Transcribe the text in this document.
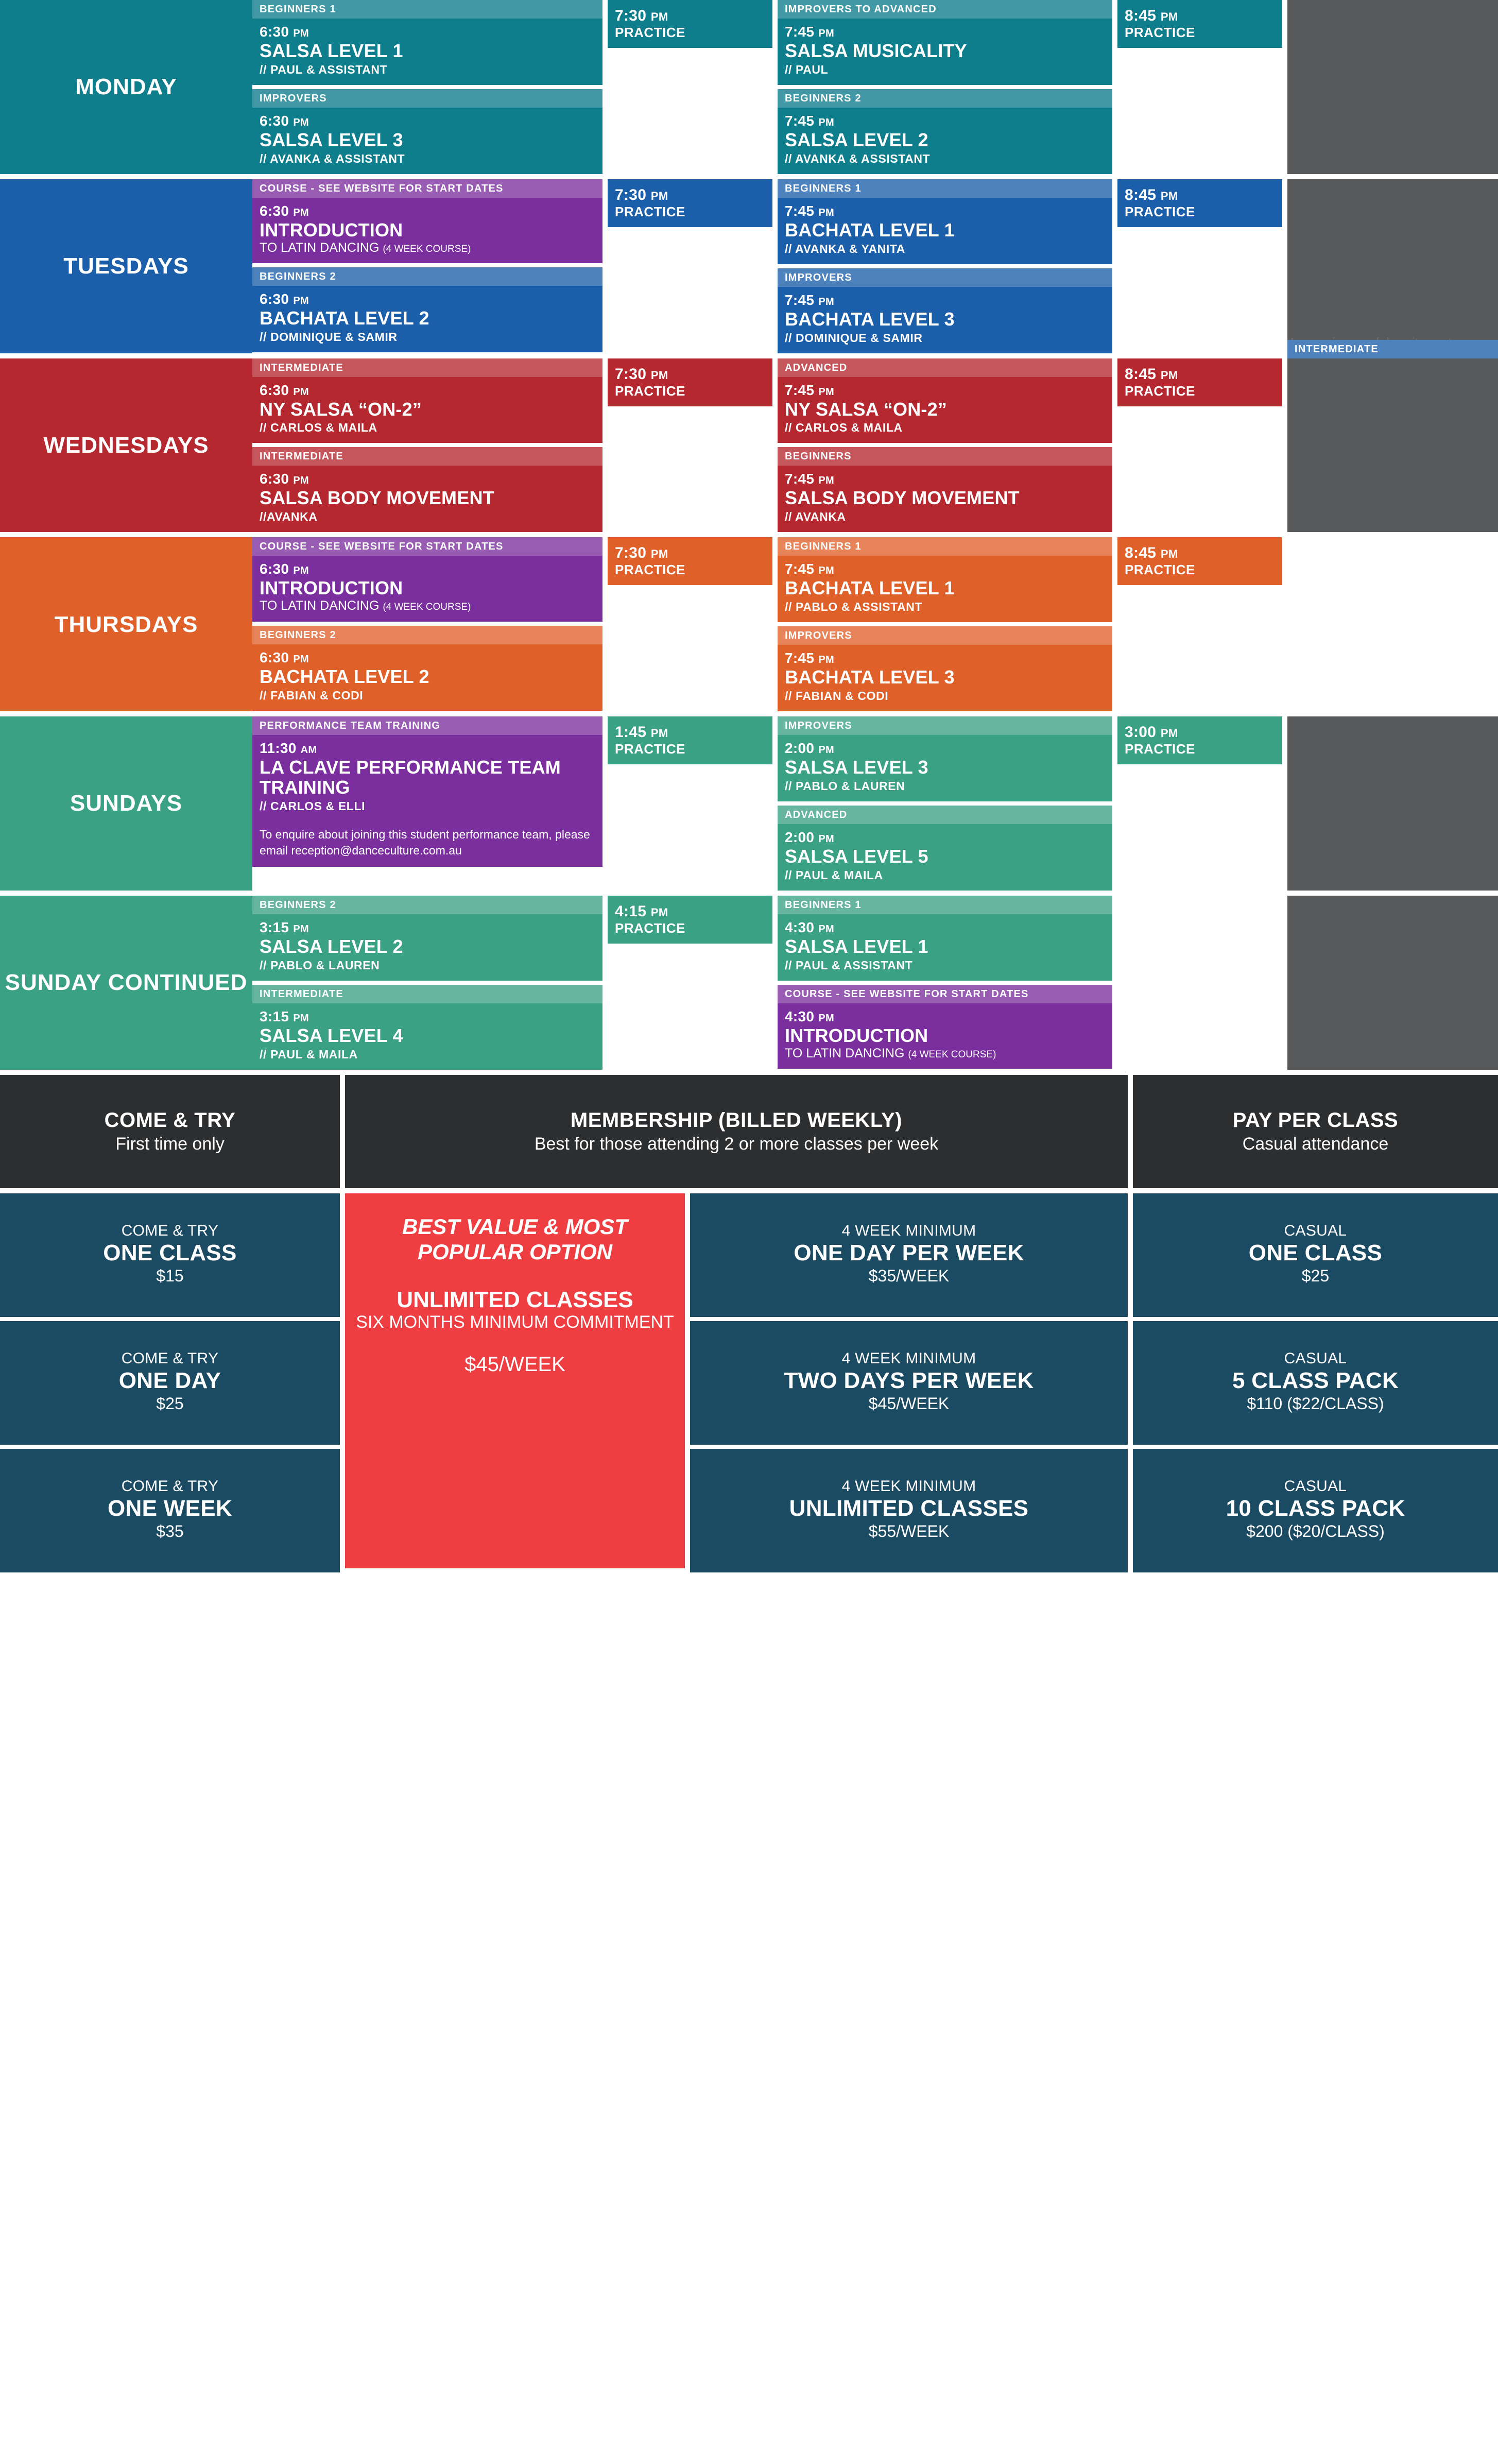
MONDAY
BEGINNERS 1
6:30 PM
SALSA LEVEL 1
// PAUL & ASSISTANT
IMPROVERS
6:30 PM
SALSA LEVEL 3
// AVANKA & ASSISTANT
7:30 PM
PRACTICE
IMPROVERS TO ADVANCED
7:45 PM
SALSA MUSICALITY
// PAUL
BEGINNERS 2
7:45 PM
SALSA LEVEL 2
// AVANKA & ASSISTANT
8:45 PM
PRACTICE
TUESDAYS
COURSE - SEE WEBSITE FOR START DATES
6:30 PM
INTRODUCTION
TO LATIN DANCING (4 WEEK COURSE)
BEGINNERS 2
6:30 PM
BACHATA LEVEL 2
// DOMINIQUE & SAMIR
7:30 PM
PRACTICE
BEGINNERS 1
7:45 PM
BACHATA LEVEL 1
// AVANKA & YANITA
IMPROVERS
7:45 PM
BACHATA LEVEL 3
// DOMINIQUE & SAMIR
8:45 PM
PRACTICE
INTERMEDIATE
WEDNESDAYS
INTERMEDIATE
6:30 PM
NY SALSA “ON-2”
// CARLOS & MAILA
INTERMEDIATE
6:30 PM
SALSA BODY MOVEMENT
//AVANKA
7:30 PM
PRACTICE
ADVANCED
7:45 PM
NY SALSA “ON-2”
// CARLOS & MAILA
BEGINNERS
7:45 PM
SALSA BODY MOVEMENT
// AVANKA
8:45 PM
PRACTICE
THURSDAYS
COURSE - SEE WEBSITE FOR START DATES
6:30 PM
INTRODUCTION
TO LATIN DANCING (4 WEEK COURSE)
BEGINNERS 2
6:30 PM
BACHATA LEVEL 2
// FABIAN & CODI
7:30 PM
PRACTICE
BEGINNERS 1
7:45 PM
BACHATA LEVEL 1
// PABLO & ASSISTANT
IMPROVERS
7:45 PM
BACHATA LEVEL 3
// FABIAN & CODI
8:45 PM
PRACTICE
SUNDAYS
PERFORMANCE TEAM TRAINING
11:30 AM
LA CLAVE PERFORMANCE TEAM TRAINING
// CARLOS & ELLI
To enquire about joining this student performance team, please email reception@danceculture.com.au
1:45 PM
PRACTICE
IMPROVERS
2:00 PM
SALSA LEVEL 3
// PABLO & LAUREN
ADVANCED
2:00 PM
SALSA LEVEL 5
// PAUL & MAILA
3:00 PM
PRACTICE
SUNDAY CONTINUED
BEGINNERS 2
3:15 PM
SALSA LEVEL 2
// PABLO & LAUREN
INTERMEDIATE
3:15 PM
SALSA LEVEL 4
// PAUL & MAILA
4:15 PM
PRACTICE
BEGINNERS 1
4:30 PM
SALSA LEVEL 1
// PAUL & ASSISTANT
COURSE - SEE WEBSITE FOR START DATES
4:30 PM
INTRODUCTION
TO LATIN DANCING (4 WEEK COURSE)
COME & TRY
First time only
MEMBERSHIP (BILLED WEEKLY)
Best for those attending 2 or more classes per week
PAY PER CLASS
Casual attendance
COME & TRY
ONE CLASS
$15
COME & TRY
ONE DAY
$25
COME & TRY
ONE WEEK
$35
BEST VALUE & MOST POPULAR OPTION
UNLIMITED CLASSES
SIX MONTHS MINIMUM COMMITMENT
$45/WEEK
4 WEEK MINIMUM
ONE DAY PER WEEK
$35/WEEK
4 WEEK MINIMUM
TWO DAYS PER WEEK
$45/WEEK
4 WEEK MINIMUM
UNLIMITED CLASSES
$55/WEEK
CASUAL
ONE CLASS
$25
CASUAL
5 CLASS PACK
$110 ($22/CLASS)
CASUAL
10 CLASS PACK
$200 ($20/CLASS)
